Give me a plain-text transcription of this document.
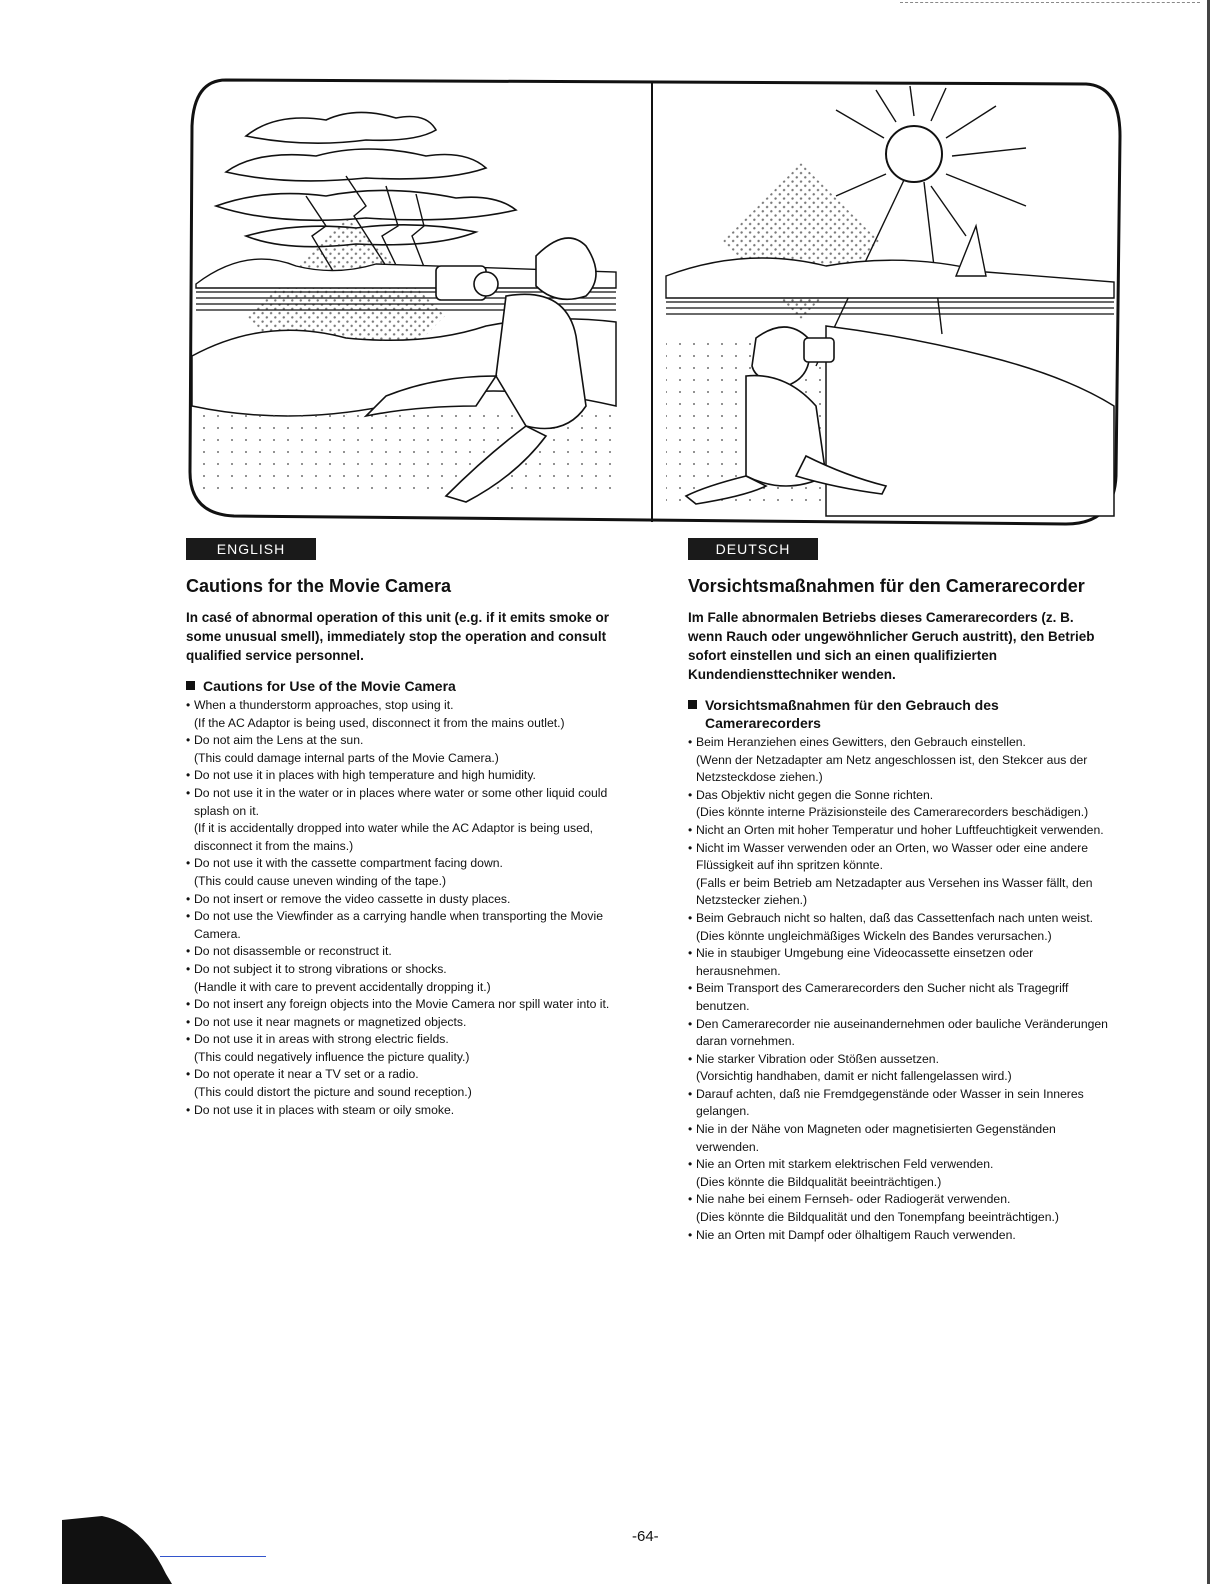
ENGLISH
Cautions for the Movie Camera
In casé of abnormal operation of this unit (e.g. if it emits smoke or some unusual smell), immediately stop the operation and consult qualified service personnel.
Cautions for Use of the Movie Camera
• When a thunderstorm approaches, stop using it.
(If the AC Adaptor is being used, disconnect it from the mains outlet.)
• Do not aim the Lens at the sun.
(This could damage internal parts of the Movie Camera.)
• Do not use it in places with high temperature and high humidity.
• Do not use it in the water or in places where water or some other liquid could splash on it.
(If it is accidentally dropped into water while the AC Adaptor is being used, disconnect it from the mains.)
• Do not use it with the cassette compartment facing down.
(This could cause uneven winding of the tape.)
• Do not insert or remove the video cassette in dusty places.
• Do not use the Viewfinder as a carrying handle when transporting the Movie Camera.
• Do not disassemble or reconstruct it.
• Do not subject it to strong vibrations or shocks.
(Handle it with care to prevent accidentally dropping it.)
• Do not insert any foreign objects into the Movie Camera nor spill water into it.
• Do not use it near magnets or magnetized objects.
• Do not use it in areas with strong electric fields.
(This could negatively influence the picture quality.)
• Do not operate it near a TV set or a radio.
(This could distort the picture and sound reception.)
• Do not use it in places with steam or oily smoke.
DEUTSCH
Vorsichtsmaßnahmen für den Camerarecorder
Im Falle abnormalen Betriebs dieses Camerarecorders (z. B. wenn Rauch oder ungewöhnlicher Geruch austritt), den Betrieb sofort einstellen und sich an einen qualifizierten Kundendiensttechniker wenden.
Vorsichtsmaßnahmen für den Gebrauch des Camerarecorders
• Beim Heranziehen eines Gewitters, den Gebrauch einstellen.
(Wenn der Netzadapter am Netz angeschlossen ist, den Stekcer aus der Netzsteckdose ziehen.)
• Das Objektiv nicht gegen die Sonne richten.
(Dies könnte interne Präzisionsteile des Camerarecorders beschädigen.)
• Nicht an Orten mit hoher Temperatur und hoher Luftfeuchtigkeit verwenden.
• Nicht im Wasser verwenden oder an Orten, wo Wasser oder eine andere Flüssigkeit auf ihn spritzen könnte.
(Falls er beim Betrieb am Netzadapter aus Versehen ins Wasser fällt, den Netzstecker ziehen.)
• Beim Gebrauch nicht so halten, daß das Cassettenfach nach unten weist.
(Dies könnte ungleichmäßiges Wickeln des Bandes verursachen.)
• Nie in staubiger Umgebung eine Videocassette einsetzen oder herausnehmen.
• Beim Transport des Camerarecorders den Sucher nicht als Tragegriff benutzen.
• Den Camerarecorder nie auseinandernehmen oder bauliche Veränderungen daran vornehmen.
• Nie starker Vibration oder Stößen aussetzen.
(Vorsichtig handhaben, damit er nicht fallengelassen wird.)
• Darauf achten, daß nie Fremdgegenstände oder Wasser in sein Inneres gelangen.
• Nie in der Nähe von Magneten oder magnetisierten Gegenständen verwenden.
• Nie an Orten mit starkem elektrischen Feld verwenden.
(Dies könnte die Bildqualität beeinträchtigen.)
• Nie nahe bei einem Fernseh- oder Radiogerät verwenden.
(Dies könnte die Bildqualität und den Tonempfang beeinträchtigen.)
• Nie an Orten mit Dampf oder ölhaltigem Rauch verwenden.
-64-
